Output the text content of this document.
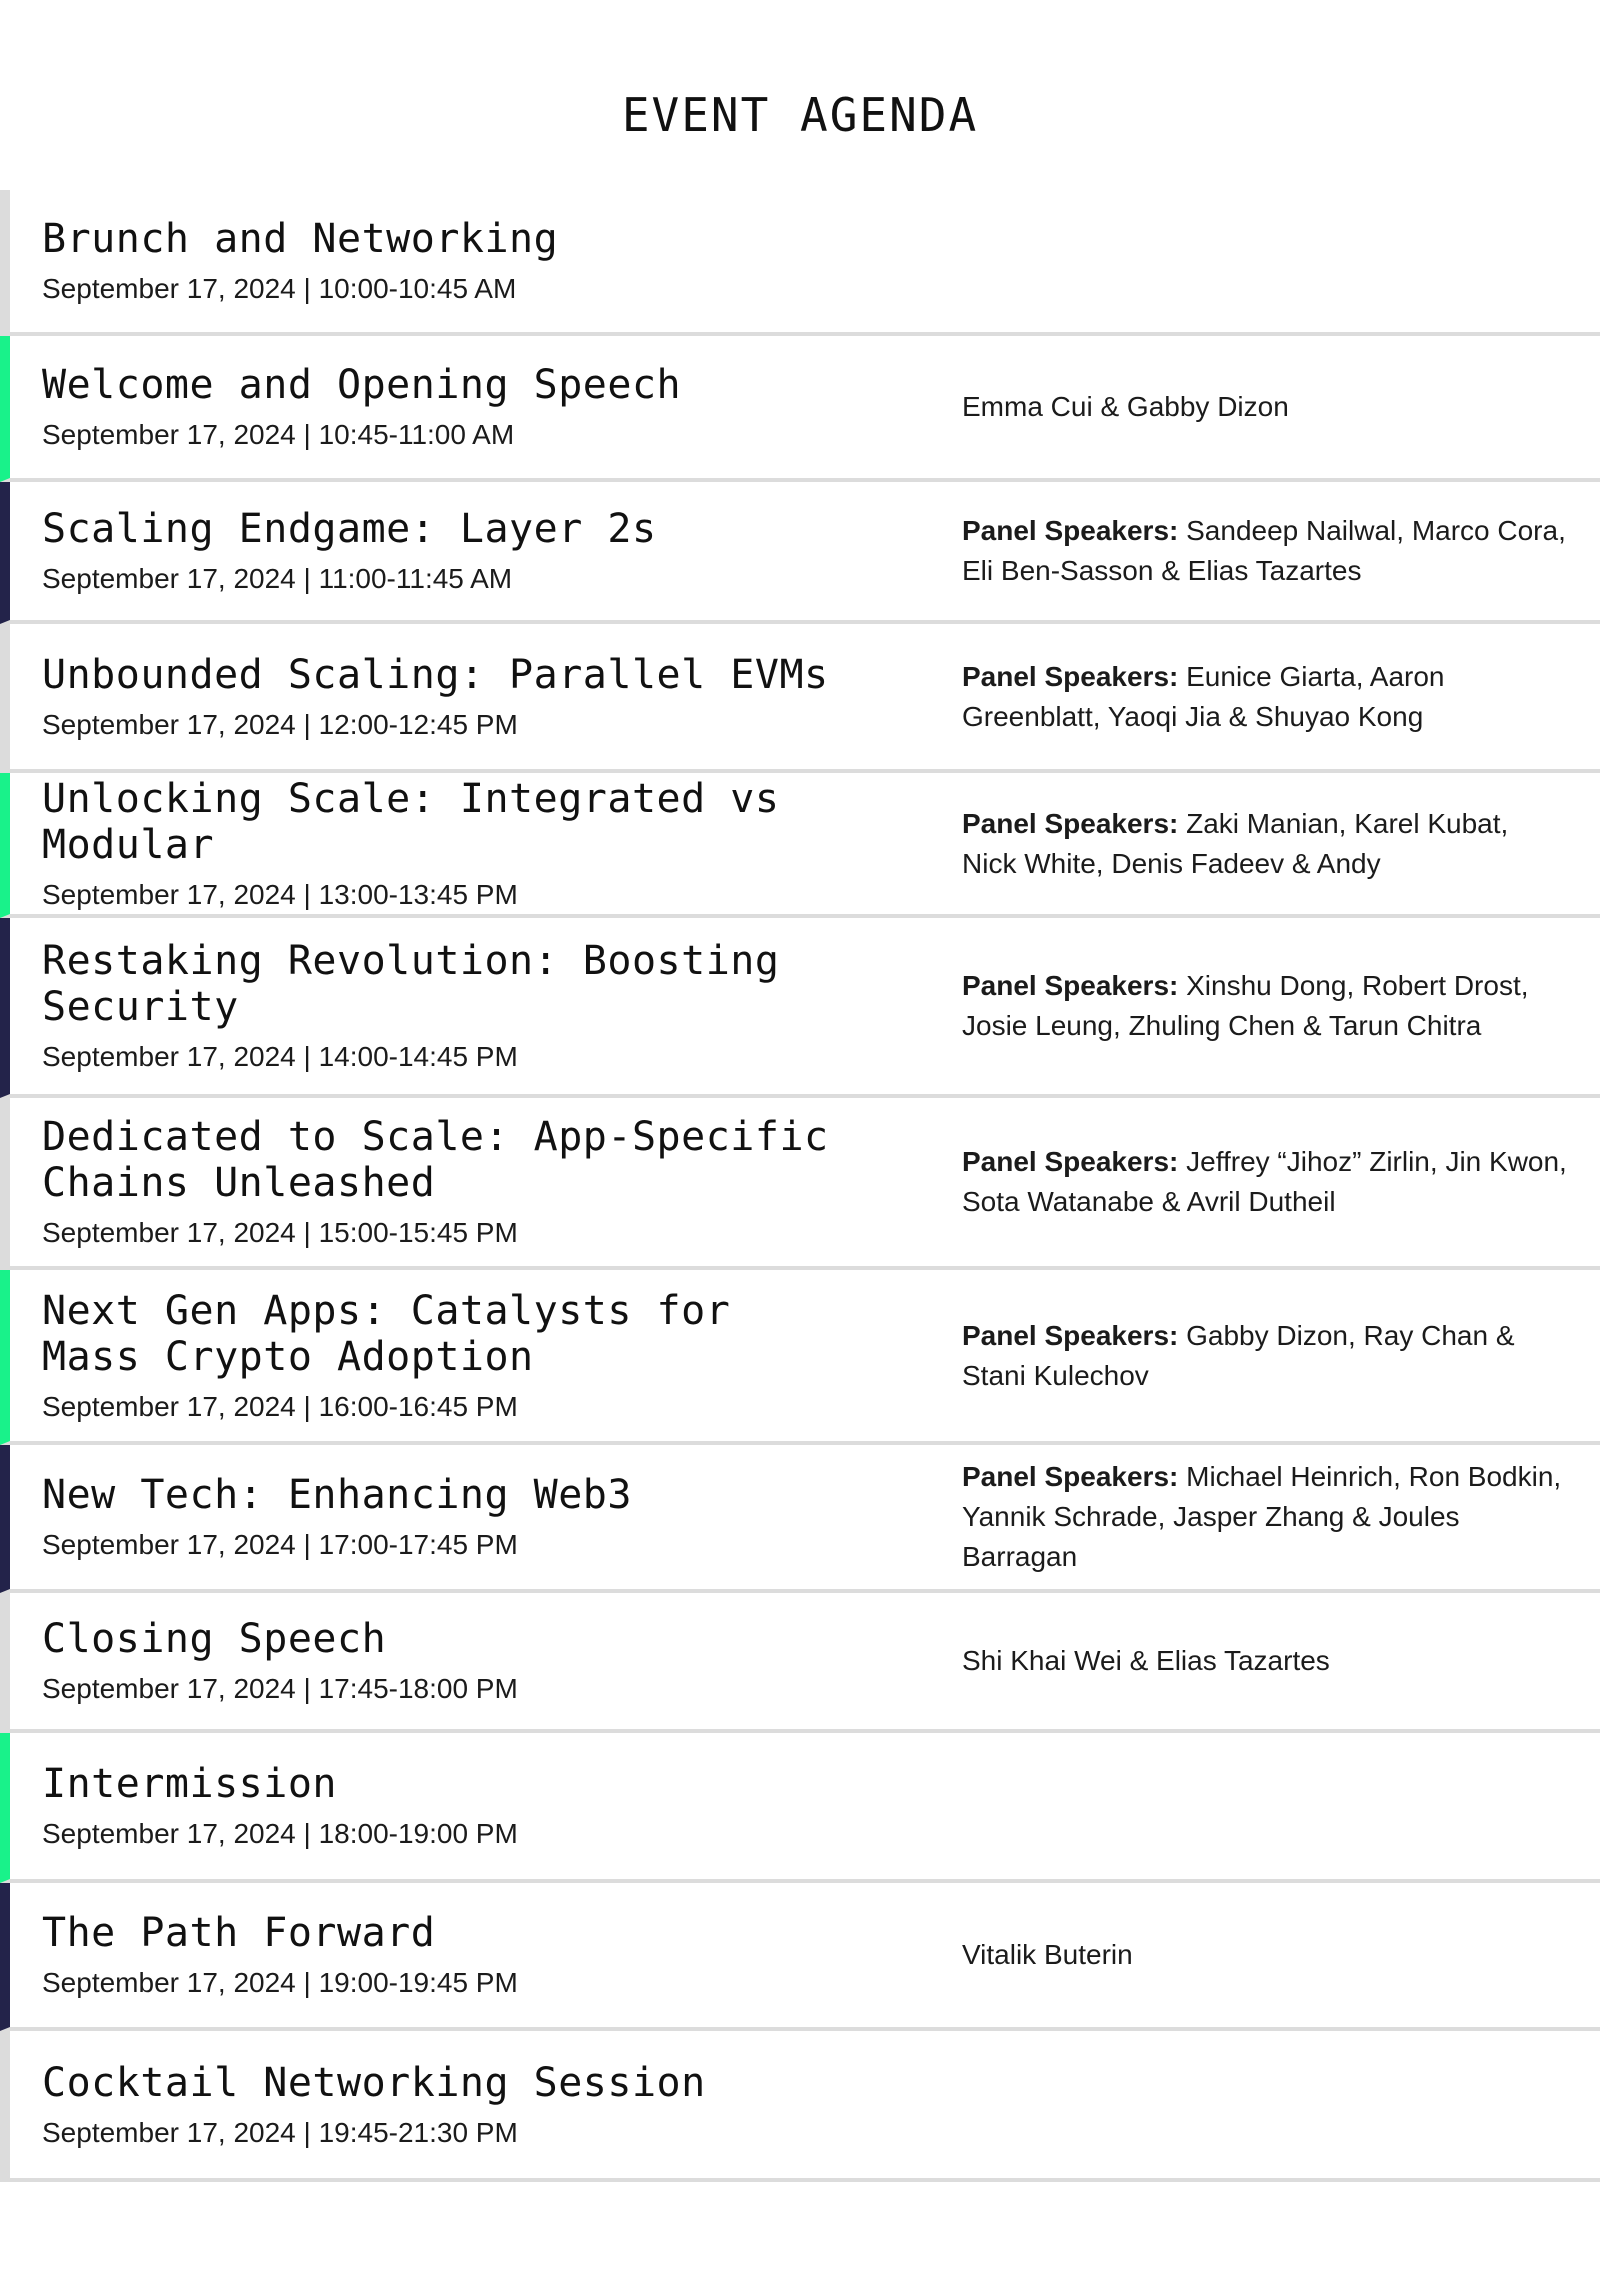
EVENT AGENDA
Brunch and Networking
September 17, 2024 | 10:00-10:45 AM
Welcome and Opening Speech
September 17, 2024 | 10:45-11:00 AM
Emma Cui & Gabby Dizon
Scaling Endgame: Layer 2s
September 17, 2024 | 11:00-11:45 AM
Panel Speakers: Sandeep Nailwal, Marco Cora, Eli Ben-Sasson & Elias Tazartes
Unbounded Scaling: Parallel EVMs
September 17, 2024 | 12:00-12:45 PM
Panel Speakers: Eunice Giarta, Aaron Greenblatt, Yaoqi Jia & Shuyao Kong
Unlocking Scale: Integrated vs Modular
September 17, 2024 | 13:00-13:45 PM
Panel Speakers: Zaki Manian, Karel Kubat, Nick White, Denis Fadeev & Andy
Restaking Revolution: Boosting Security
September 17, 2024 | 14:00-14:45 PM
Panel Speakers: Xinshu Dong, Robert Drost, Josie Leung, Zhuling Chen & Tarun Chitra
Dedicated to Scale: App-Specific
Chains Unleashed
September 17, 2024 | 15:00-15:45 PM
Panel Speakers: Jeffrey “Jihoz” Zirlin, Jin Kwon, Sota Watanabe & Avril Dutheil
Next Gen Apps: Catalysts for
Mass Crypto Adoption
September 17, 2024 | 16:00-16:45 PM
Panel Speakers: Gabby Dizon, Ray Chan & Stani Kulechov
New Tech: Enhancing Web3
September 17, 2024 | 17:00-17:45 PM
Panel Speakers: Michael Heinrich, Ron Bodkin, Yannik Schrade, Jasper Zhang & Joules Barragan
Closing Speech
September 17, 2024 | 17:45-18:00 PM
Shi Khai Wei & Elias Tazartes
Intermission
September 17, 2024 | 18:00-19:00 PM
The Path Forward
September 17, 2024 | 19:00-19:45 PM
Vitalik Buterin
Cocktail Networking Session
September 17, 2024 | 19:45-21:30 PM
